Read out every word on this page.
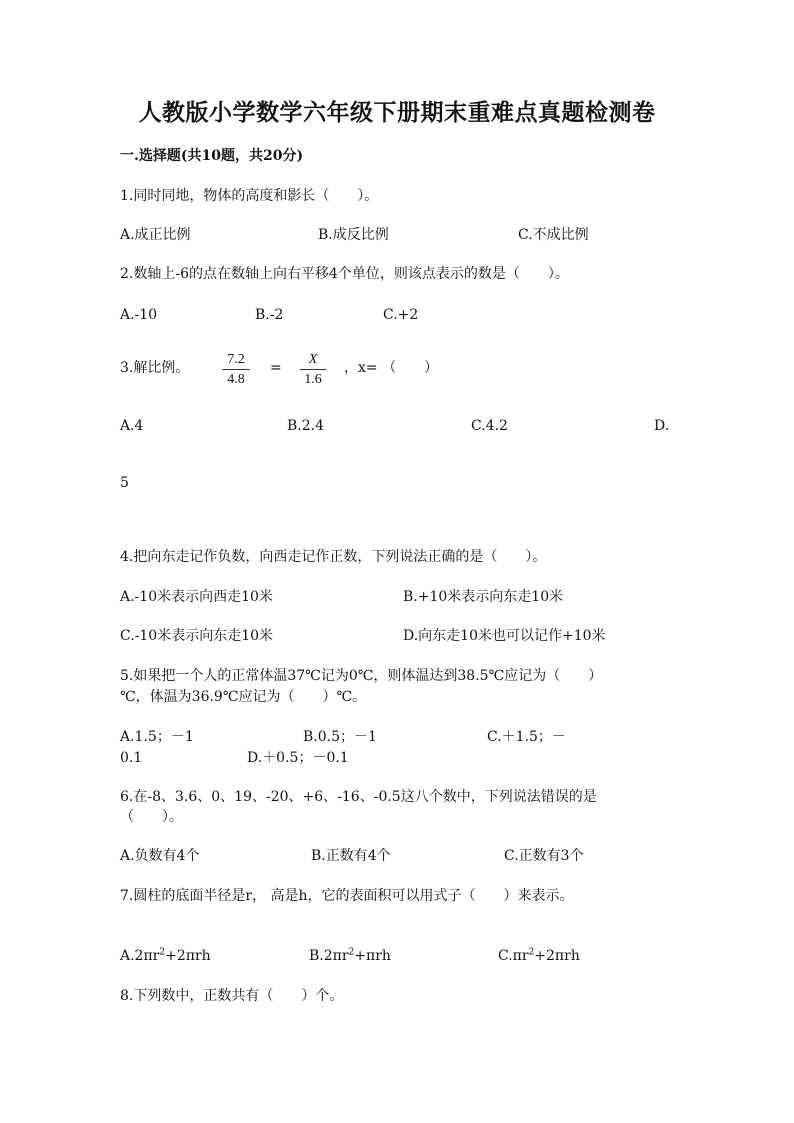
人教版小学数学六年级下册期末重难点真题检测卷
一.选择题(共10题，共20分)
1.同时同地，物体的高度和影长（　　）。
A.成正比例	B.成反比例	C.不成比例
2.数轴上-6的点在数轴上向右平移4个单位，则该点表示的数是（　　）。
A.-10	B.-2	C.+2
3.解比例。
7.2
4.8
=
X
1.6
，x= （　　）
A.4	B.2.4	C.4.2	D.
5
4.把向东走记作负数，向西走记作正数，下列说法正确的是（　　）。
A.-10米表示向西走10米	B.+10米表示向东走10米
C.-10米表示向东走10米	D.向东走10米也可以记作+10米
5.如果把一个人的正常体温37℃记为0℃，则体温达到38.5℃应记为（　　）
℃，体温为36.9℃应记为（　　）℃。
A.1.5；－1	B.0.5；－1	C.＋1.5；－
0.1	D.＋0.5；－0.1
6.在-8、3.6、0、19、-20、+6、-16、-0.5这八个数中，下列说法错误的是
（　　）。
A.负数有4个	B.正数有4个	C.正数有3个
7.圆柱的底面半径是r， 高是h，它的表面积可以用式子（　　）来表示。
$A.2\pi r^2+2\pi rh$	$B.2\pi r^2+\pi rh$	$C.\pi r^2+2\pi rh$
8.下列数中，正数共有（　　）个。
